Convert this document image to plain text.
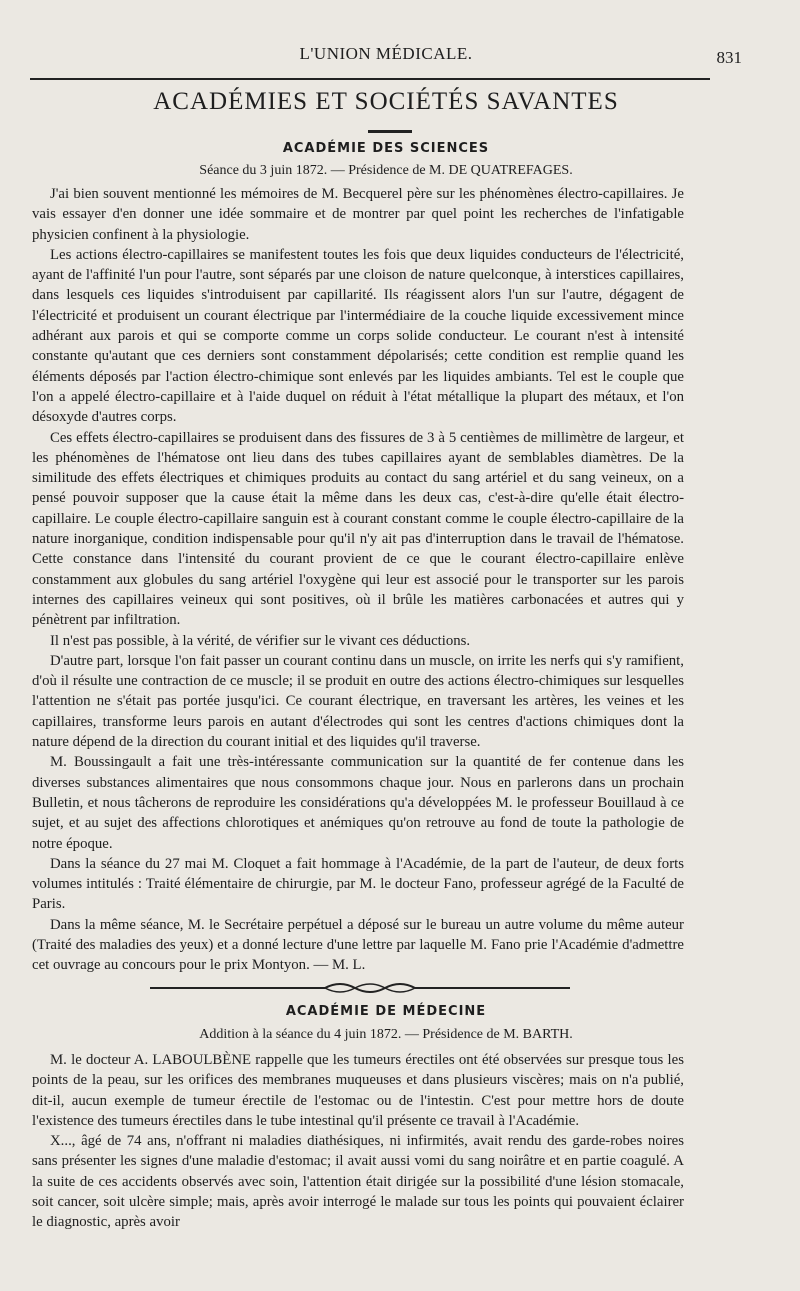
L'UNION MÉDICALE.	831
ACADÉMIES ET SOCIÉTÉS SAVANTES
ACADÉMIE DES SCIENCES
Séance du 3 juin 1872. — Présidence de M. DE QUATREFAGES.

J'ai bien souvent mentionné les mémoires de M. Becquerel père sur les phénomènes électro-capillaires. Je vais essayer d'en donner une idée sommaire et de montrer par quel point les recherches de l'infatigable physicien confinent à la physiologie.

Les actions électro-capillaires se manifestent toutes les fois que deux liquides conducteurs de l'électricité, ayant de l'affinité l'un pour l'autre, sont séparés par une cloison de nature quelconque, à interstices capillaires, dans lesquels ces liquides s'introduisent par capillarité. Ils réagissent alors l'un sur l'autre, dégagent de l'électricité et produisent un courant électrique par l'intermédiaire de la couche liquide excessivement mince adhérant aux parois et qui se comporte comme un corps solide conducteur. Le courant n'est à intensité constante qu'autant que ces derniers sont constamment dépolarisés; cette condition est remplie quand les éléments déposés par l'action électro-chimique sont enlevés par les liquides ambiants. Tel est le couple que l'on a appelé électro-capillaire et à l'aide duquel on réduit à l'état métallique la plupart des métaux, et l'on désoxyde d'autres corps.

Ces effets électro-capillaires se produisent dans des fissures de 3 à 5 centièmes de millimètre de largeur, et les phénomènes de l'hématose ont lieu dans des tubes capillaires ayant de semblables diamètres. De la similitude des effets électriques et chimiques produits au contact du sang artériel et du sang veineux, on a pensé pouvoir supposer que la cause était la même dans les deux cas, c'est-à-dire qu'elle était électro-capillaire. Le couple électro-capillaire sanguin est à courant constant comme le couple électro-capillaire de la nature inorganique, condition indispensable pour qu'il n'y ait pas d'interruption dans le travail de l'hématose. Cette constance dans l'intensité du courant provient de ce que le courant électro-capillaire enlève constamment aux globules du sang artériel l'oxygène qui leur est associé pour le transporter sur les parois internes des capillaires veineux qui sont positives, où il brûle les matières carbonacées et autres qui y pénètrent par infiltration.

Il n'est pas possible, à la vérité, de vérifier sur le vivant ces déductions.

D'autre part, lorsque l'on fait passer un courant continu dans un muscle, on irrite les nerfs qui s'y ramifient, d'où il résulte une contraction de ce muscle; il se produit en outre des actions électro-chimiques sur lesquelles l'attention ne s'était pas portée jusqu'ici. Ce courant électrique, en traversant les artères, les veines et les capillaires, transforme leurs parois en autant d'électrodes qui sont les centres d'actions chimiques dont la nature dépend de la direction du courant initial et des liquides qu'il traverse.

M. Boussingault a fait une très-intéressante communication sur la quantité de fer contenue dans les diverses substances alimentaires que nous consommons chaque jour. Nous en parlerons dans un prochain Bulletin, et nous tâcherons de reproduire les considérations qu'a développées M. le professeur Bouillaud à ce sujet, et au sujet des affections chlorotiques et anémiques qu'on retrouve au fond de toute la pathologie de notre époque.

Dans la séance du 27 mai M. Cloquet a fait hommage à l'Académie, de la part de l'auteur, de deux forts volumes intitulés : Traité élémentaire de chirurgie, par M. le docteur Fano, professeur agrégé de la Faculté de Paris.

Dans la même séance, M. le Secrétaire perpétuel a déposé sur le bureau un autre volume du même auteur (Traité des maladies des yeux) et a donné lecture d'une lettre par laquelle M. Fano prie l'Académie d'admettre cet ouvrage au concours pour le prix Montyon. — M. L.

ACADÉMIE DE MÉDECINE
Addition à la séance du 4 juin 1872. — Présidence de M. BARTH.

M. le docteur A. LABOULBÈNE rappelle que les tumeurs érectiles ont été observées sur presque tous les points de la peau, sur les orifices des membranes muqueuses et dans plusieurs viscères; mais on n'a publié, dit-il, aucun exemple de tumeur érectile de l'estomac ou de l'intestin. C'est pour mettre hors de doute l'existence des tumeurs érectiles dans le tube intestinal qu'il présente ce travail à l'Académie.

X..., âgé de 74 ans, n'offrant ni maladies diathésiques, ni infirmités, avait rendu des garde-robes noires sans présenter les signes d'une maladie d'estomac; il avait aussi vomi du sang noirâtre et en partie coagulé. A la suite de ces accidents observés avec soin, l'attention était dirigée sur la possibilité d'une lésion stomacale, soit cancer, soit ulcère simple; mais, après avoir interrogé le malade sur tous les points qui pouvaient éclairer le diagnostic, après avoir
